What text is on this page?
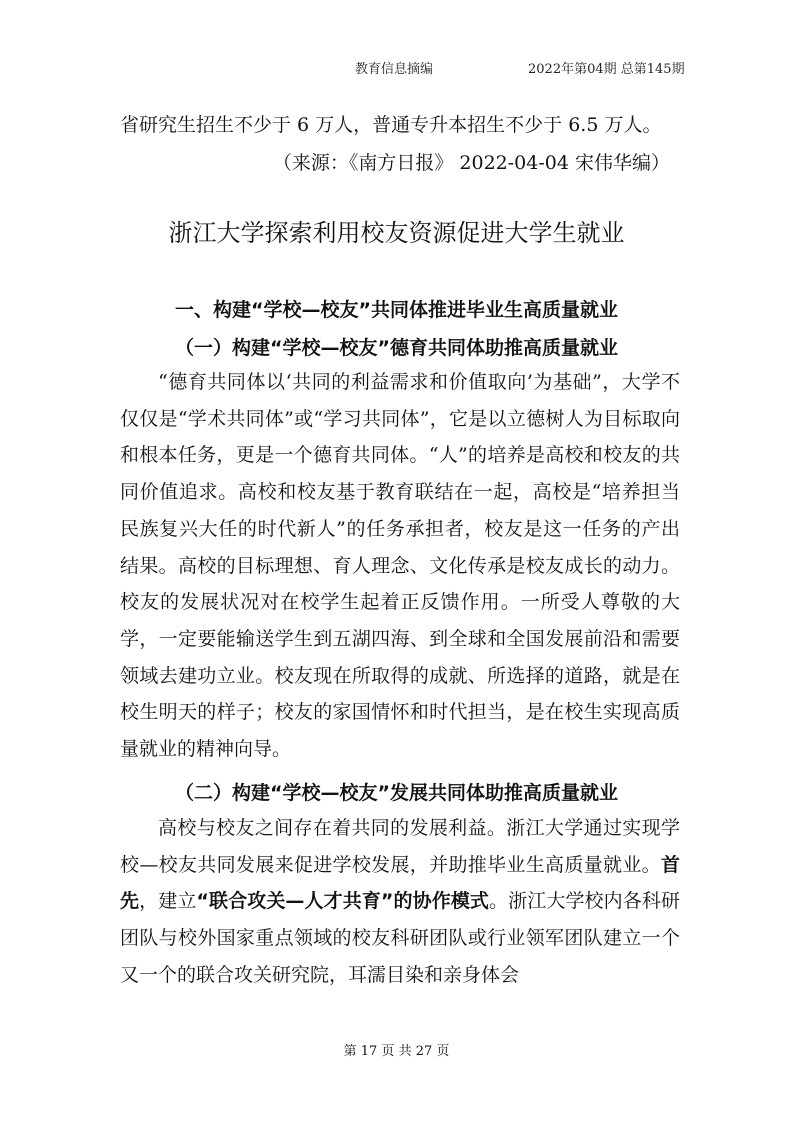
教育信息摘编	2022年第04期 总第145期
省研究生招生不少于 6 万人，普通专升本招生不少于 6.5 万人。
（来源：《南方日报》 2022-04-04 宋伟华编）
浙江大学探索利用校友资源促进大学生就业
一、构建“学校—校友”共同体推进毕业生高质量就业
（一）构建“学校—校友”德育共同体助推高质量就业

“德育共同体以‘共同的利益需求和价值取向’为基础”，大学不仅仅是“学术共同体”或“学习共同体”，它是以立德树人为目标取向和根本任务，更是一个德育共同体。“人”的培养是高校和校友的共同价值追求。高校和校友基于教育联结在一起，高校是“培养担当民族复兴大任的时代新人”的任务承担者，校友是这一任务的产出结果。高校的目标理想、育人理念、文化传承是校友成长的动力。校友的发展状况对在校学生起着正反馈作用。一所受人尊敬的大学，一定要能输送学生到五湖四海、到全球和全国发展前沿和需要领域去建功立业。校友现在所取得的成就、所选择的道路，就是在校生明天的样子；校友的家国情怀和时代担当，是在校生实现高质量就业的精神向导。

（二）构建“学校—校友”发展共同体助推高质量就业

高校与校友之间存在着共同的发展利益。浙江大学通过实现学校—校友共同发展来促进学校发展，并助推毕业生高质量就业。首先，建立“联合攻关—人才共育”的协作模式。浙江大学校内各科研团队与校外国家重点领域的校友科研团队或行业领军团队建立一个又一个的联合攻关研究院，耳濡目染和亲身体会

第 17 页 共 27 页
